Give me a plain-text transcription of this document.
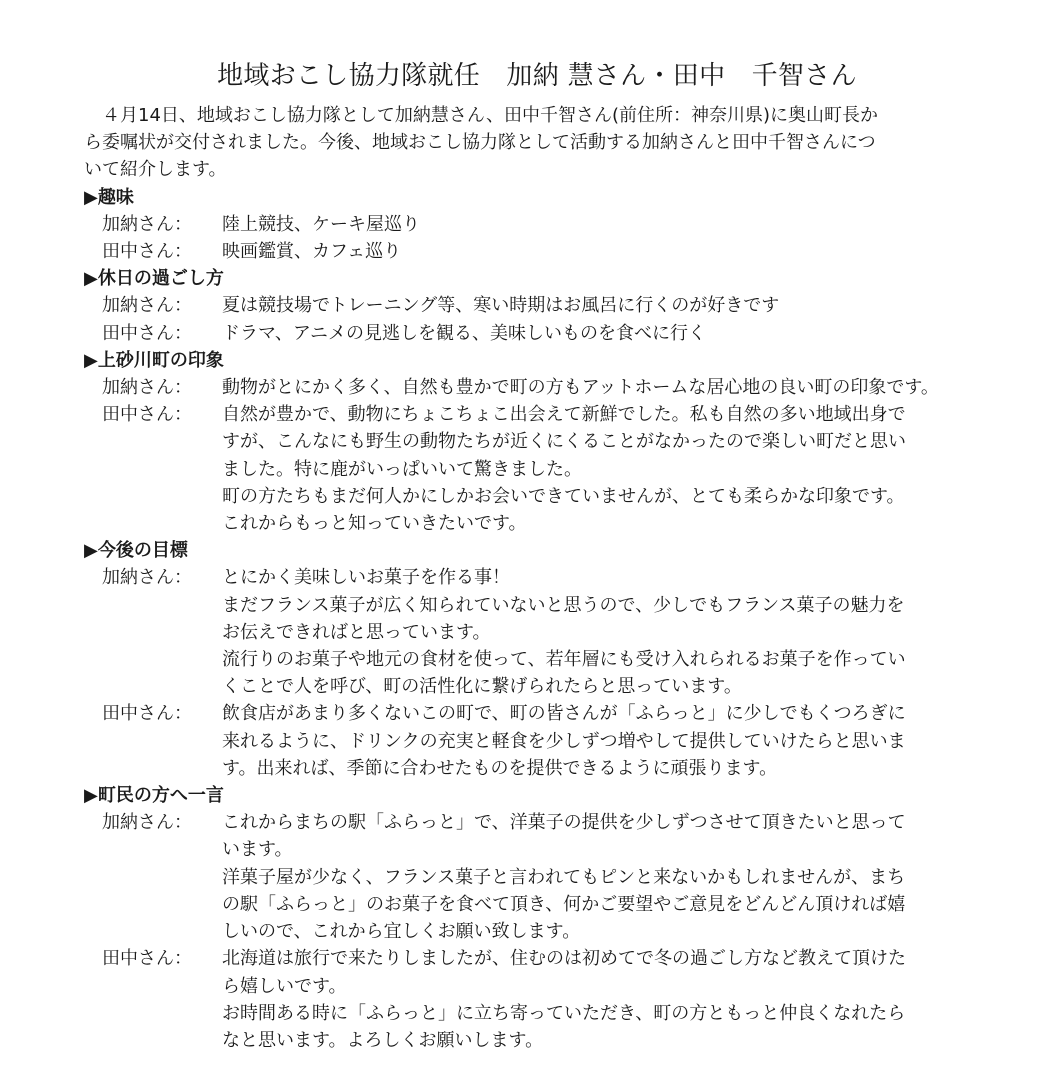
地域おこし協力隊就任　加納 慧さん・田中　千智さん

　４月14日、地域おこし協力隊として加納慧さん、田中千智さん(前住所：神奈川県)に奥山町長か
ら委嘱状が交付されました。今後、地域おこし協力隊として活動する加納さんと田中千智さんにつ
いて紹介します。

▶趣味

加納さん：	陸上競技、ケーキ屋巡り
田中さん：	映画鑑賞、カフェ巡り

▶休日の過ごし方

加納さん：	夏は競技場でトレーニング等、寒い時期はお風呂に行くのが好きです
田中さん：	ドラマ、アニメの見逃しを観る、美味しいものを食べに行く

▶上砂川町の印象

加納さん：	動物がとにかく多く、自然も豊かで町の方もアットホームな居心地の良い町の印象です。
田中さん：	自然が豊かで、動物にちょこちょこ出会えて新鮮でした。私も自然の多い地域出身で
すが、こんなにも野生の動物たちが近くにくることがなかったので楽しい町だと思い
ました。特に鹿がいっぱいいて驚きました。
町の方たちもまだ何人かにしかお会いできていませんが、とても柔らかな印象です。
これからもっと知っていきたいです。

▶今後の目標

加納さん：	とにかく美味しいお菓子を作る事！
まだフランス菓子が広く知られていないと思うので、少しでもフランス菓子の魅力を
お伝えできればと思っています。
流行りのお菓子や地元の食材を使って、若年層にも受け入れられるお菓子を作ってい
くことで人を呼び、町の活性化に繋げられたらと思っています。
田中さん：	飲食店があまり多くないこの町で、町の皆さんが「ふらっと」に少しでもくつろぎに
来れるように、ドリンクの充実と軽食を少しずつ増やして提供していけたらと思いま
す。出来れば、季節に合わせたものを提供できるように頑張ります。

▶町民の方へ一言

加納さん：	これからまちの駅「ふらっと」で、洋菓子の提供を少しずつさせて頂きたいと思って
います。
洋菓子屋が少なく、フランス菓子と言われてもピンと来ないかもしれませんが、まち
の駅「ふらっと」のお菓子を食べて頂き、何かご要望やご意見をどんどん頂ければ嬉
しいので、これから宜しくお願い致します。
田中さん：	北海道は旅行で来たりしましたが、住むのは初めてで冬の過ごし方など教えて頂けた
ら嬉しいです。
お時間ある時に「ふらっと」に立ち寄っていただき、町の方ともっと仲良くなれたら
なと思います。よろしくお願いします。
